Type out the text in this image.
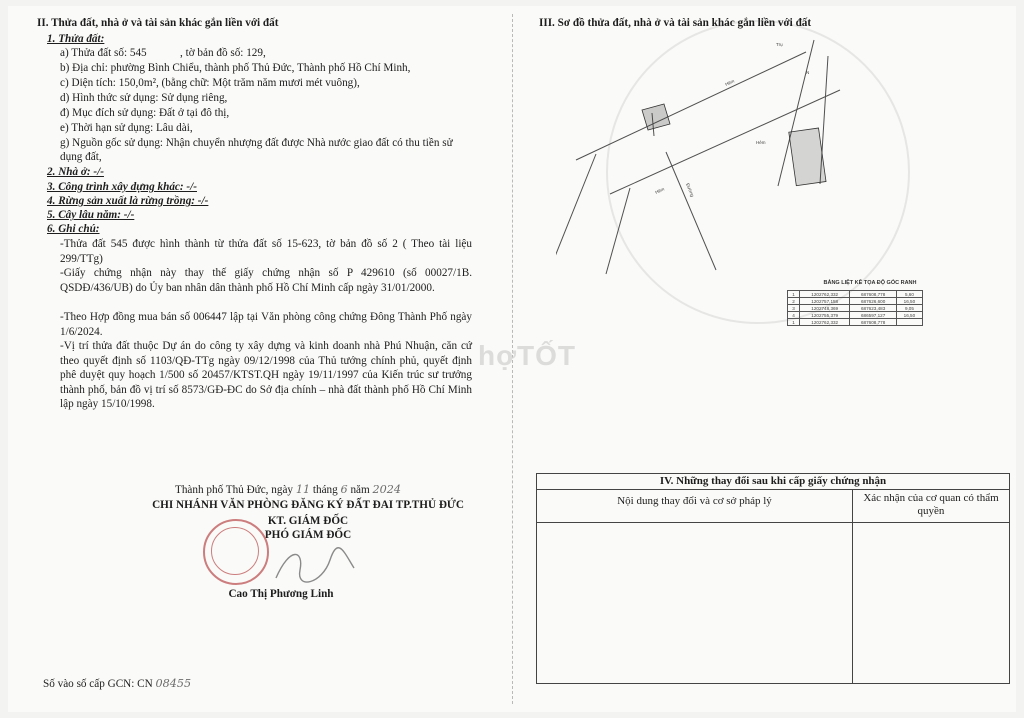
II. Thửa đất, nhà ở và tài sản khác gắn liền với đất
1. Thửa đất:
a) Thửa đất số: 545	, tờ bản đồ số: 129,
b) Địa chỉ: phường Bình Chiểu, thành phố Thủ Đức, Thành phố Hồ Chí Minh,
c) Diện tích: 150,0m², (bằng chữ: Một trăm năm mươi mét vuông),
d) Hình thức sử dụng: Sử dụng riêng,
đ) Mục đích sử dụng: Đất ở tại đô thị,
e) Thời hạn sử dụng: Lâu dài,
g) Nguồn gốc sử dụng: Nhận chuyển nhượng đất được Nhà nước giao đất có thu tiền sử
dụng đất,
2. Nhà ở: -/-
3. Công trình xây dựng khác: -/-
4. Rừng sản xuất là rừng trồng: -/-
5. Cây lâu năm: -/-
6. Ghi chú:
-Thửa đất 545 được hình thành từ thửa đất số 15-623, tờ bản đồ số 2 ( Theo tài liệu 299/TTg)
-Giấy chứng nhận này thay thế giấy chứng nhận số P 429610 (số 00027/1B. QSDĐ/436/UB) do Ủy ban nhân dân thành phố Hồ Chí Minh cấp ngày 31/01/2000.
-Theo Hợp đồng mua bán số 006447 lập tại Văn phòng công chứng Đông Thành Phố ngày 1/6/2024.
-Vị trí thửa đất thuộc Dự án do công ty xây dựng và kinh doanh nhà Phú Nhuận, căn cứ theo quyết định số 1103/QĐ-TTg ngày 09/12/1998 của Thủ tướng chính phủ, quyết định phê duyệt quy hoạch 1/500 số 20457/KTST.QH ngày 19/11/1997 của Kiến trúc sư trưởng thành phố, bản đồ vị trí số 8573/GĐ-ĐC do Sở địa chính – nhà đất thành phố Hồ Chí Minh lập ngày 15/10/1998.
Thành phố Thủ Đức, ngày 11 tháng 6 năm 2024
CHI NHÁNH VĂN PHÒNG ĐĂNG KÝ ĐẤT ĐAI TP.THỦ ĐỨC
KT. GIÁM ĐỐC
PHÓ GIÁM ĐỐC
Cao Thị Phương Linh
Số vào số cấp GCN: CN 08455
III. Sơ đồ thửa đất, nhà ở và tài sản khác gắn liền với đất
Hẻm
Hẻm	Đường
Trụ
N
Hẻm
BẢNG LIỆT KÊ TỌA ĐỘ GÓC RANH
1	1202762,332	687608,778	5,60
2	1202757,158	687626,600	16,50
3	1202748,369	687623,483	9,05
4	1202755,379	686597,127	16,50
1	1202762,332	687608,778	
hợTỐT
IV. Những thay đổi sau khi cấp giấy chứng nhận	
Nội dung thay đổi và cơ sở pháp lý	Xác nhận của cơ quan có thẩm quyền
